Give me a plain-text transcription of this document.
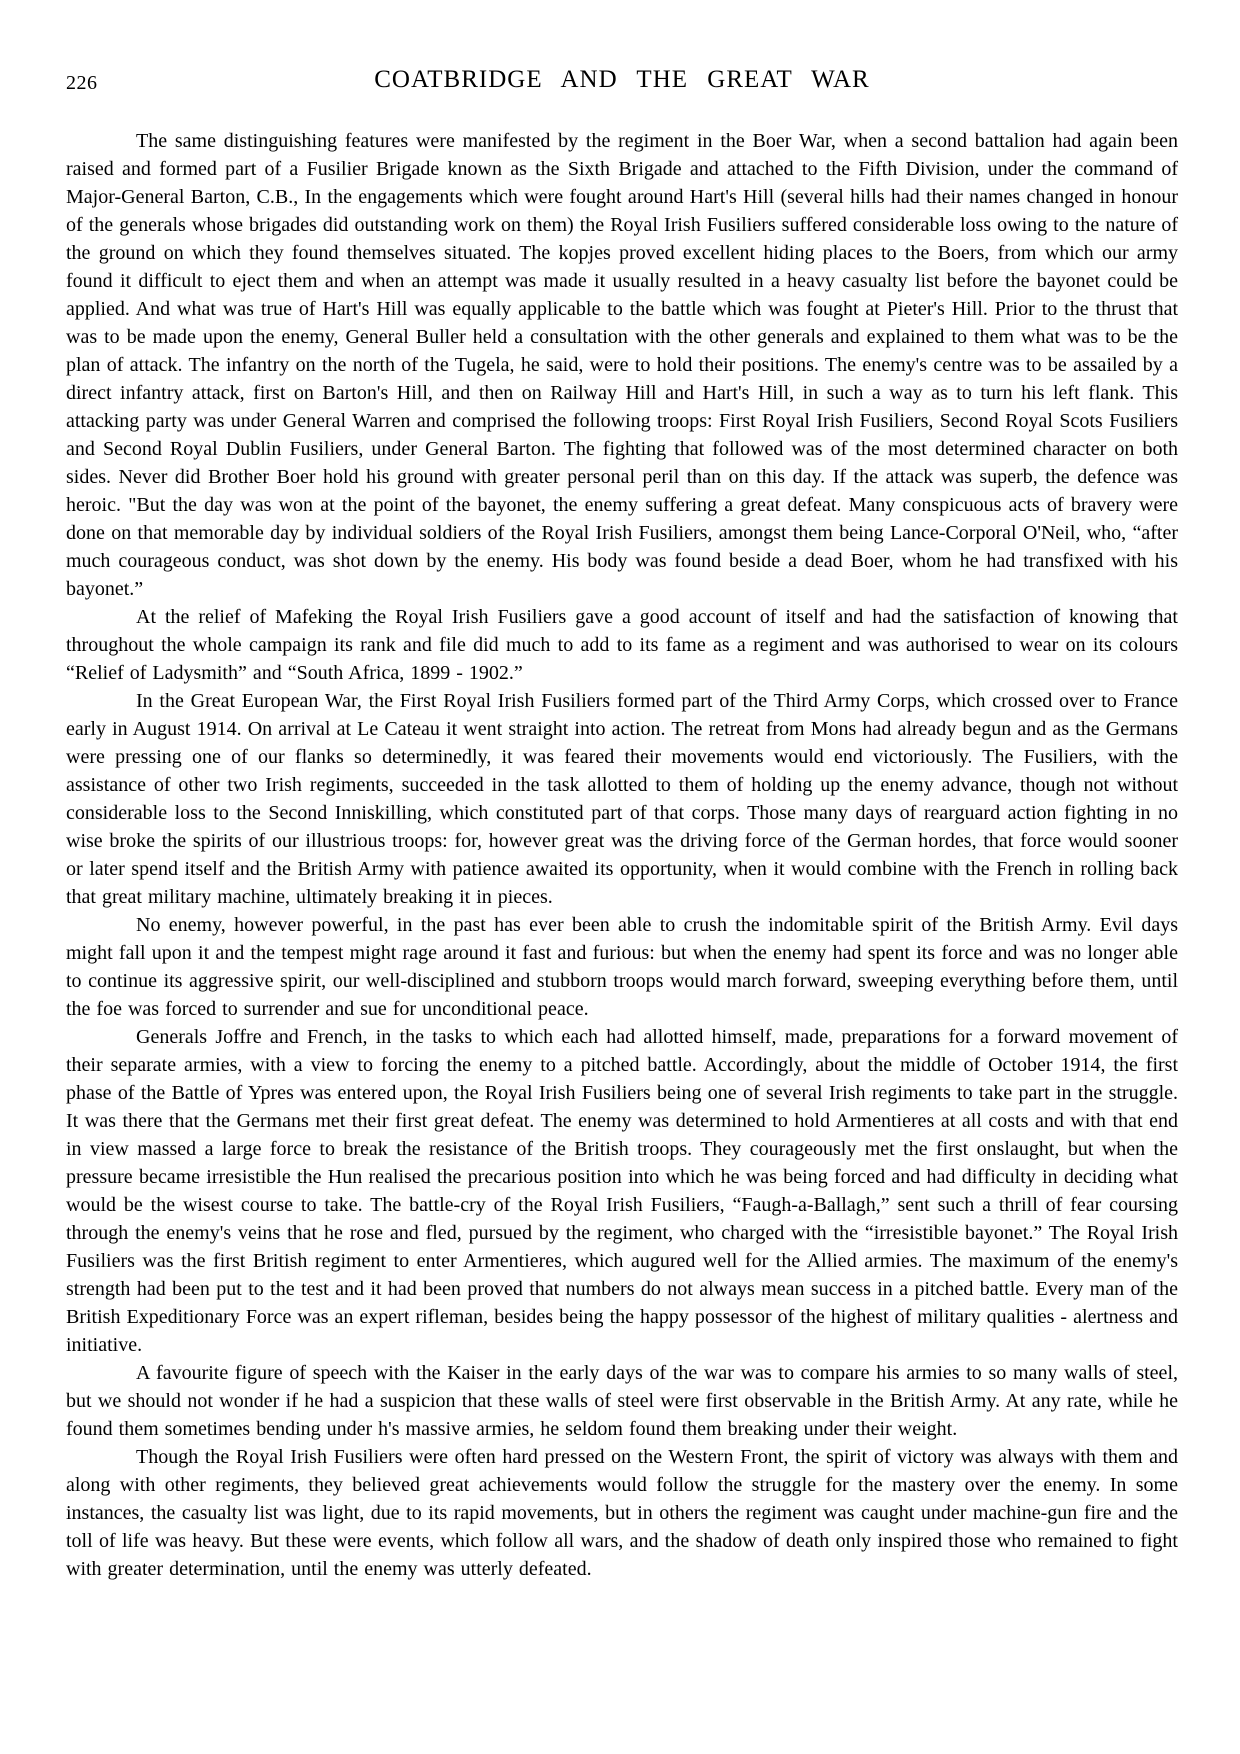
226	COATBRIDGE AND THE GREAT WAR

The same distinguishing features were manifested by the regiment in the Boer War, when a second battalion had again been raised and formed part of a Fusilier Brigade known as the Sixth Brigade and attached to the Fifth Division, under the command of Major-General Barton, C.B., In the engagements which were fought around Hart's Hill (several hills had their names changed in honour of the generals whose brigades did outstanding work on them) the Royal Irish Fusiliers suffered considerable loss owing to the nature of the ground on which they found themselves situated. The kopjes proved excellent hiding places to the Boers, from which our army found it difficult to eject them and when an attempt was made it usually resulted in a heavy casualty list before the bayonet could be applied. And what was true of Hart's Hill was equally applicable to the battle which was fought at Pieter's Hill. Prior to the thrust that was to be made upon the enemy, General Buller held a consultation with the other generals and explained to them what was to be the plan of attack. The infantry on the north of the Tugela, he said, were to hold their positions. The enemy's centre was to be assailed by a direct infantry attack, first on Barton's Hill, and then on Railway Hill and Hart's Hill, in such a way as to turn his left flank. This attacking party was under General Warren and comprised the following troops: First Royal Irish Fusiliers, Second Royal Scots Fusiliers and Second Royal Dublin Fusiliers, under General Barton. The fighting that followed was of the most determined character on both sides. Never did Brother Boer hold his ground with greater personal peril than on this day. If the attack was superb, the defence was heroic. "But the day was won at the point of the bayonet, the enemy suffering a great defeat. Many conspicuous acts of bravery were done on that memorable day by individual soldiers of the Royal Irish Fusiliers, amongst them being Lance-Corporal O'Neil, who, “after much courageous conduct, was shot down by the enemy. His body was found beside a dead Boer, whom he had transfixed with his bayonet.”

At the relief of Mafeking the Royal Irish Fusiliers gave a good account of itself and had the satisfaction of knowing that throughout the whole campaign its rank and file did much to add to its fame as a regiment and was authorised to wear on its colours “Relief of Ladysmith” and “South Africa, 1899 - 1902.”

In the Great European War, the First Royal Irish Fusiliers formed part of the Third Army Corps, which crossed over to France early in August 1914. On arrival at Le Cateau it went straight into action. The retreat from Mons had already begun and as the Germans were pressing one of our flanks so determinedly, it was feared their movements would end victoriously. The Fusiliers, with the assistance of other two Irish regiments, succeeded in the task allotted to them of holding up the enemy advance, though not without considerable loss to the Second Inniskilling, which constituted part of that corps. Those many days of rearguard action fighting in no wise broke the spirits of our illustrious troops: for, however great was the driving force of the German hordes, that force would sooner or later spend itself and the British Army with patience awaited its opportunity, when it would combine with the French in rolling back that great military machine, ultimately breaking it in pieces.

No enemy, however powerful, in the past has ever been able to crush the indomitable spirit of the British Army. Evil days might fall upon it and the tempest might rage around it fast and furious: but when the enemy had spent its force and was no longer able to continue its aggressive spirit, our well-disciplined and stubborn troops would march forward, sweeping everything before them, until the foe was forced to surrender and sue for unconditional peace.

Generals Joffre and French, in the tasks to which each had allotted himself, made, preparations for a forward movement of their separate armies, with a view to forcing the enemy to a pitched battle. Accordingly, about the middle of October 1914, the first phase of the Battle of Ypres was entered upon, the Royal Irish Fusiliers being one of several Irish regiments to take part in the struggle. It was there that the Germans met their first great defeat. The enemy was determined to hold Armentieres at all costs and with that end in view massed a large force to break the resistance of the British troops. They courageously met the first onslaught, but when the pressure became irresistible the Hun realised the precarious position into which he was being forced and had difficulty in deciding what would be the wisest course to take. The battle-cry of the Royal Irish Fusiliers, “Faugh-a-Ballagh,” sent such a thrill of fear coursing through the enemy's veins that he rose and fled, pursued by the regiment, who charged with the “irresistible bayonet.” The Royal Irish Fusiliers was the first British regiment to enter Armentieres, which augured well for the Allied armies. The maximum of the enemy's strength had been put to the test and it had been proved that numbers do not always mean success in a pitched battle. Every man of the British Expeditionary Force was an expert rifleman, besides being the happy possessor of the highest of military qualities - alertness and initiative.

A favourite figure of speech with the Kaiser in the early days of the war was to compare his armies to so many walls of steel, but we should not wonder if he had a suspicion that these walls of steel were first observable in the British Army. At any rate, while he found them sometimes bending under h's massive armies, he seldom found them breaking under their weight.

Though the Royal Irish Fusiliers were often hard pressed on the Western Front, the spirit of victory was always with them and along with other regiments, they believed great achievements would follow the struggle for the mastery over the enemy. In some instances, the casualty list was light, due to its rapid movements, but in others the regiment was caught under machine-gun fire and the toll of life was heavy. But these were events, which follow all wars, and the shadow of death only inspired those who remained to fight with greater determination, until the enemy was utterly defeated.
